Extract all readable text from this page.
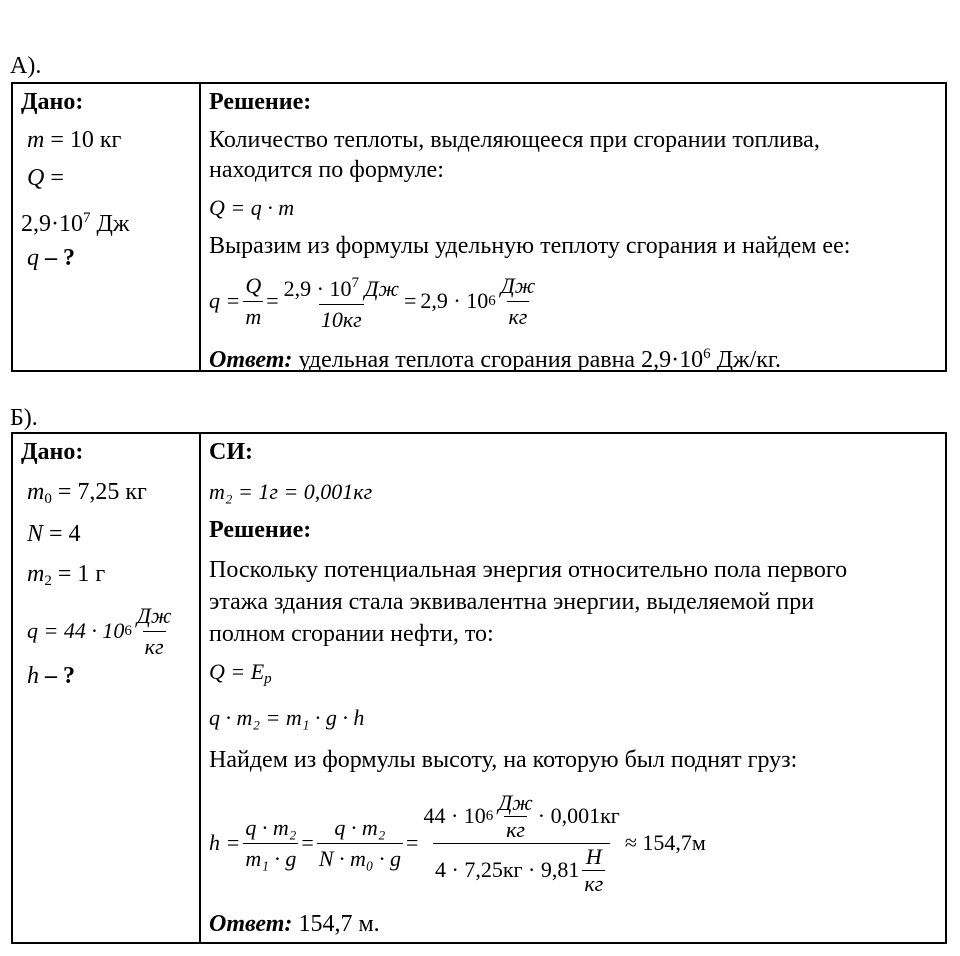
А).
Дано:
m = 10 кг
Q =
$2,9\cdot 10^7$ Дж
q – ?

Решение:
Количество теплоты, выделяющееся при сгорании топлива,
находится по формуле:
Q = q · m
Выразим из формулы удельную теплоту сгорания и найдем ее:
$q = \frac{Q}{m} = \frac{2,9 \cdot 10^7 Дж}{10кг} = 2,9 \cdot 10$ $6 \frac{Дж}{кг}$
Ответ: удельная теплота сгорания равна $2,9\cdot 10^6$ Дж/кг.
Б).
Дано:
$m_0 = 7,25$ кг
N = 4
$m_2 = 1$ г
q = 44 · 10 $6 \frac{Дж}{кг}$
h – ?

СИ:
m₂ = 1г = 0,001кг
Решение:
Поскольку потенциальная энергия относительно пола первого
этажа здания стала эквивалентна энергии, выделяемой при
полном сгорании нефти, то:
$Q = E_p$
q · m₂ = m₁ · g · h
Найдем из формулы высоту, на которую был поднят груз:
$h = \frac{\text{q · m₂}}{\text{m₁ · g}} = \frac{\text{q · m₂}}{\text{N · m₀ · g}} = \frac{44 \cdot 10 6 \frac{Дж}{кг} \cdot 0,001кг}{4 \cdot 7,25кг \cdot 9,81 \frac{Н}{кг}} \approx 154,7м$
Ответ: 154,7 м.
